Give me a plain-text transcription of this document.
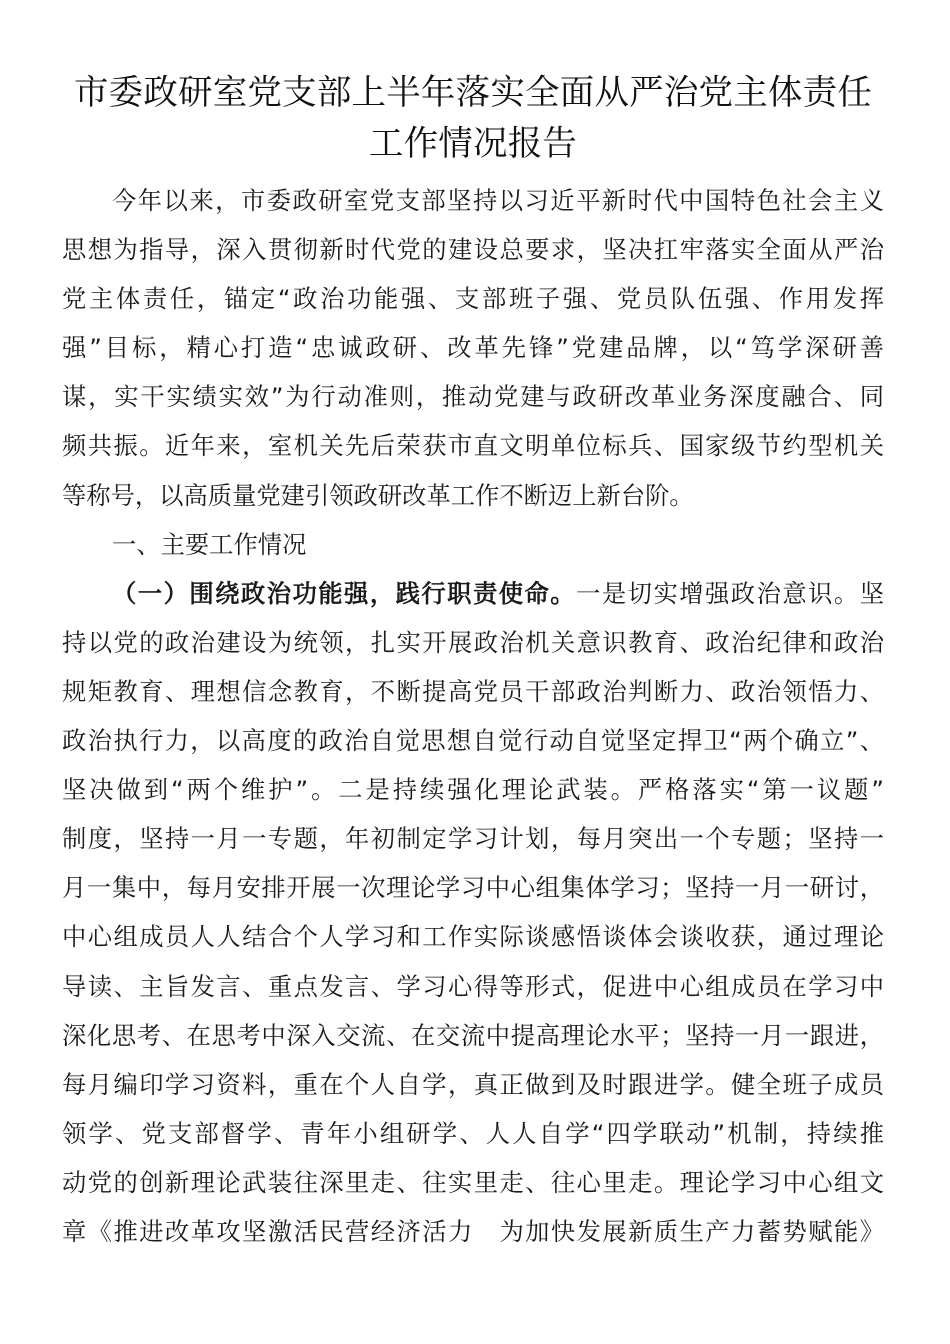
市委政研室党支部上半年落实全面从严治党主体责任
工作情况报告
今年以来，市委政研室党支部坚持以习近平新时代中国特色社会主义
思想为指导，深入贯彻新时代党的建设总要求，坚决扛牢落实全面从严治
党主体责任，锚定“政治功能强、支部班子强、党员队伍强、作用发挥
强”目标，精心打造“忠诚政研、改革先锋”党建品牌，以“笃学深研善
谋，实干实绩实效”为行动准则，推动党建与政研改革业务深度融合、同
频共振。近年来，室机关先后荣获市直文明单位标兵、国家级节约型机关
等称号，以高质量党建引领政研改革工作不断迈上新台阶。
一、主要工作情况
（一）围绕政治功能强，践行职责使命。一是切实增强政治意识。坚
持以党的政治建设为统领，扎实开展政治机关意识教育、政治纪律和政治
规矩教育、理想信念教育，不断提高党员干部政治判断力、政治领悟力、
政治执行力，以高度的政治自觉思想自觉行动自觉坚定捍卫“两个确立”、
坚决做到“两个维护”。二是持续强化理论武装。严格落实“第一议题”
制度，坚持一月一专题，年初制定学习计划，每月突出一个专题；坚持一
月一集中，每月安排开展一次理论学习中心组集体学习；坚持一月一研讨，
中心组成员人人结合个人学习和工作实际谈感悟谈体会谈收获，通过理论
导读、主旨发言、重点发言、学习心得等形式，促进中心组成员在学习中
深化思考、在思考中深入交流、在交流中提高理论水平；坚持一月一跟进，
每月编印学习资料，重在个人自学，真正做到及时跟进学。健全班子成员
领学、党支部督学、青年小组研学、人人自学“四学联动”机制，持续推
动党的创新理论武装往深里走、往实里走、往心里走。理论学习中心组文
章《推进改革攻坚激活民营经济活力　为加快发展新质生产力蓄势赋能》
